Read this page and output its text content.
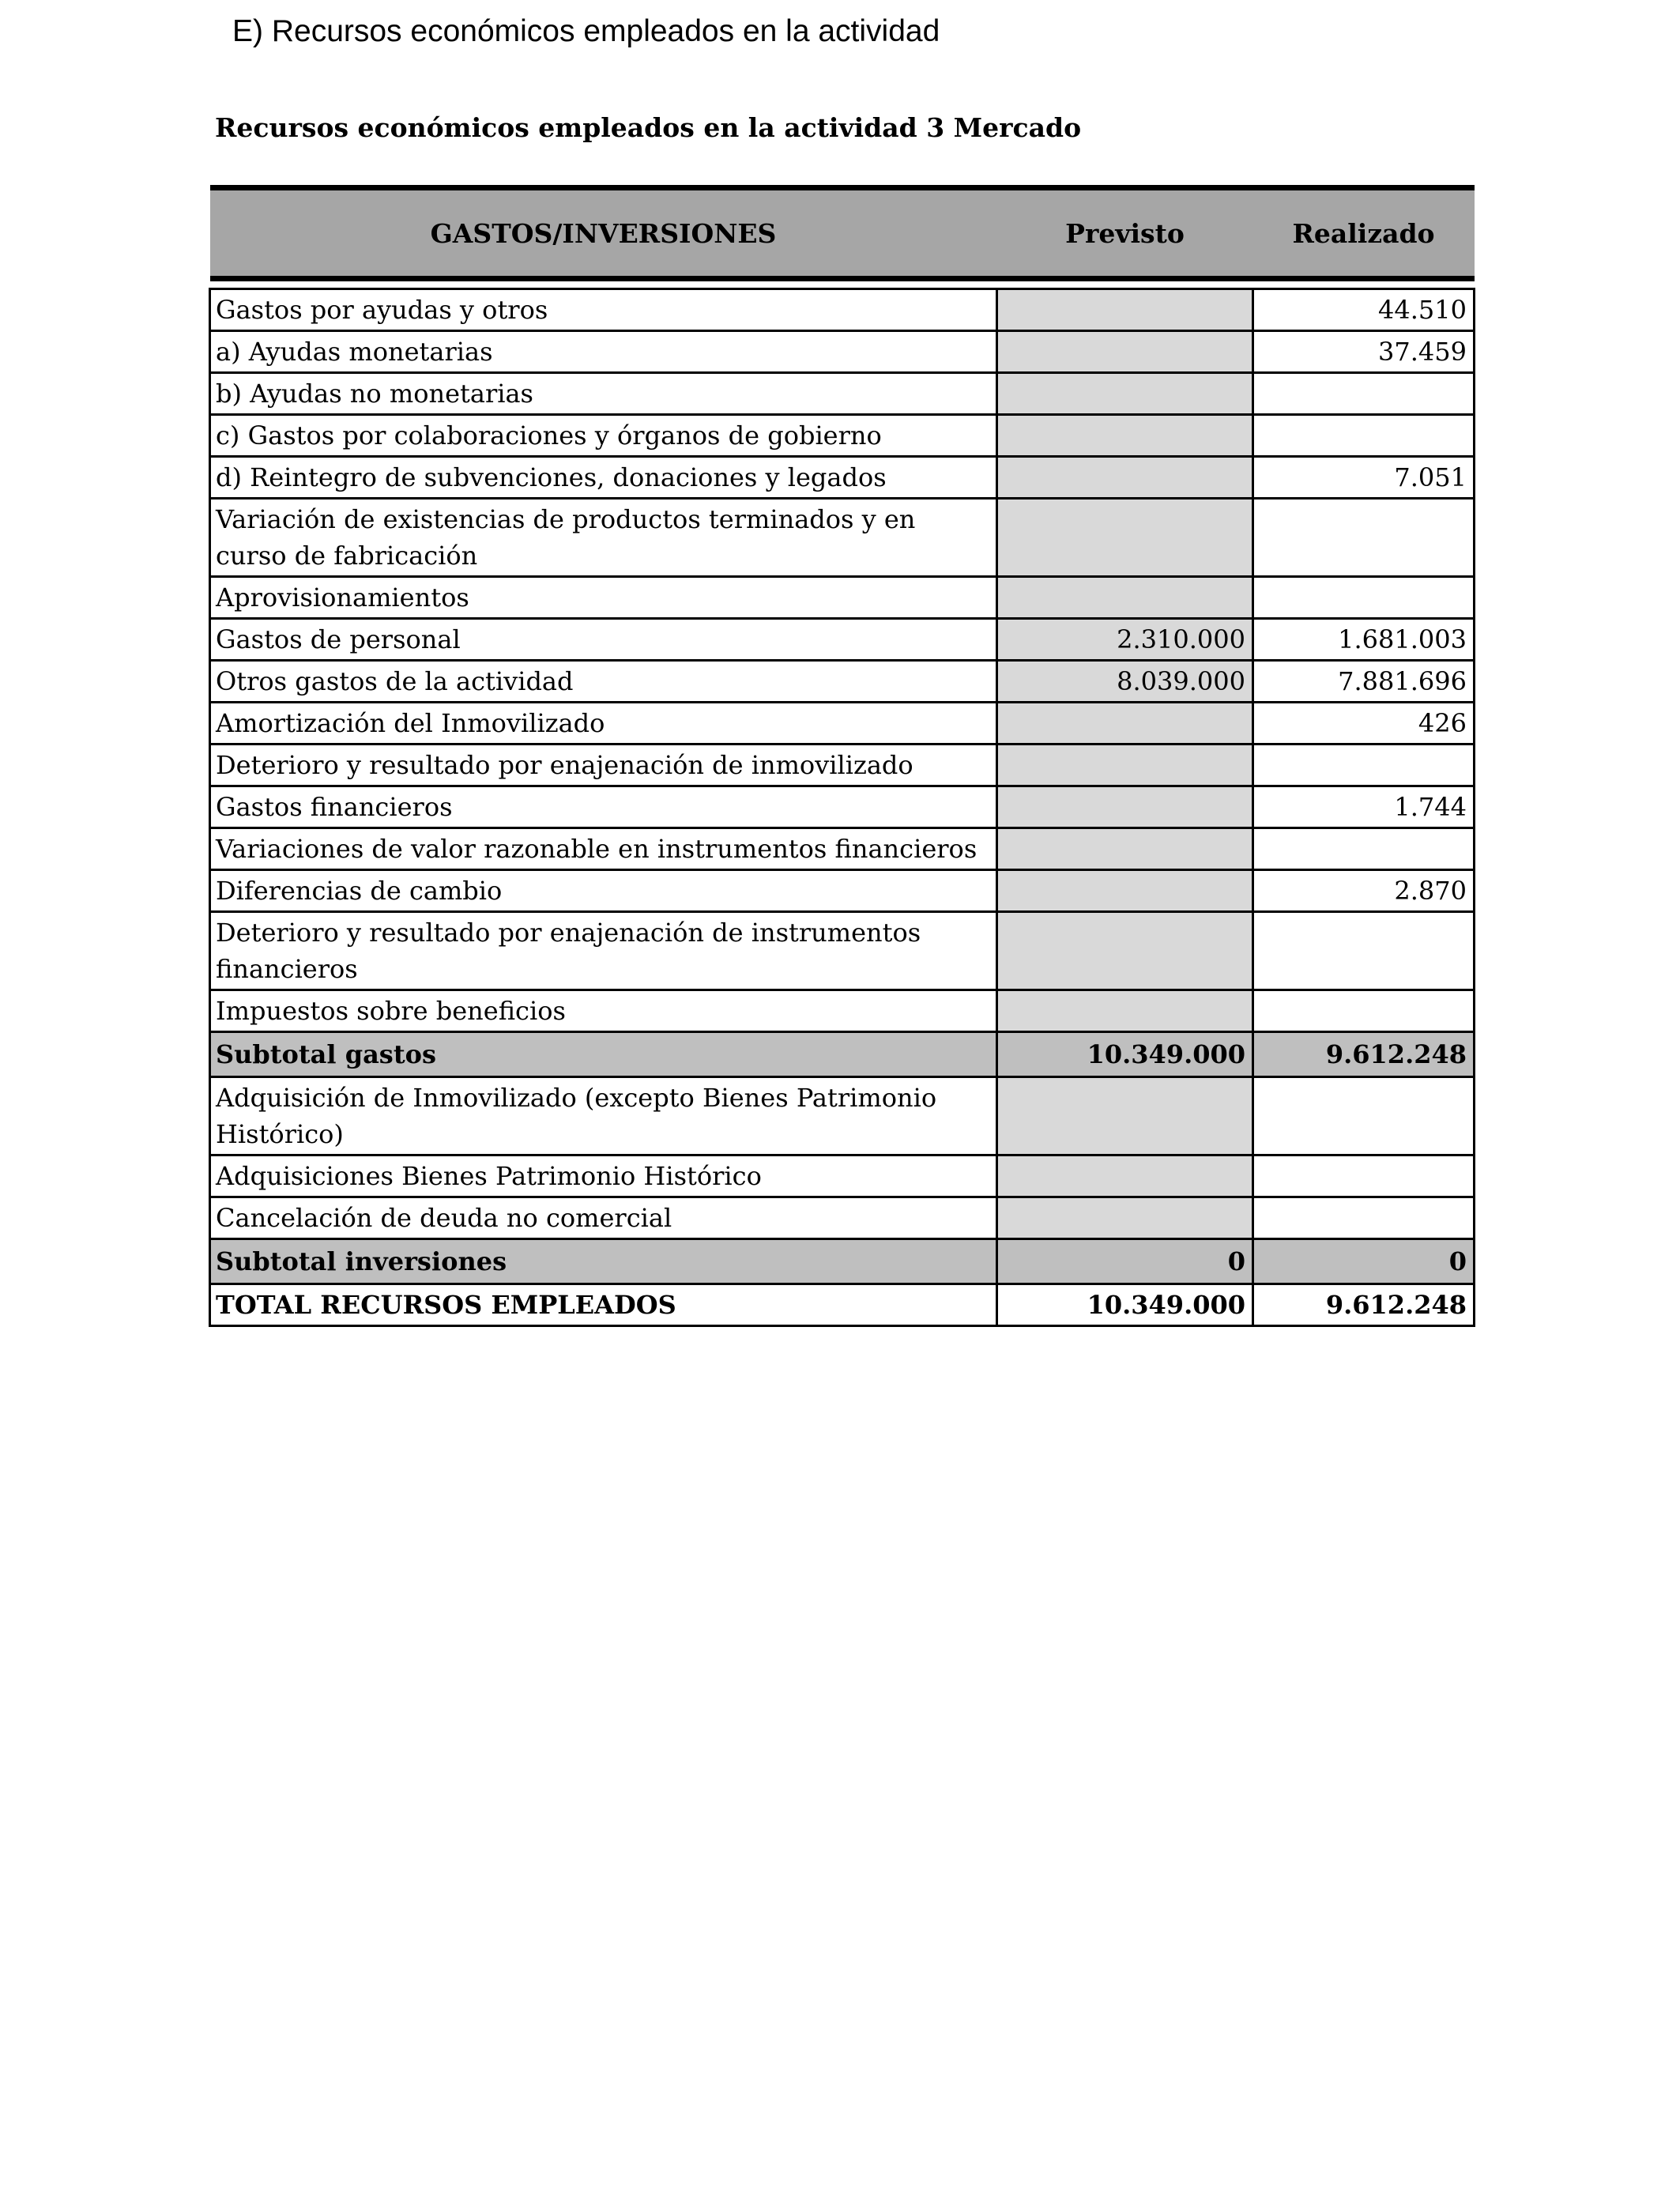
E) Recursos económicos empleados en la actividad
Recursos económicos empleados en la actividad 3 Mercado
GASTOS/INVERSIONES	Previsto	Realizado

Gastos por ayudas y otros		44.510
a) Ayudas monetarias		37.459
b) Ayudas no monetarias		
c) Gastos por colaboraciones y órganos de gobierno		
d) Reintegro de subvenciones, donaciones y legados		7.051
Variación de existencias de productos terminados y en curso de fabricación		
Aprovisionamientos		
Gastos de personal	2.310.000	1.681.003
Otros gastos de la actividad	8.039.000	7.881.696
Amortización del Inmovilizado		426
Deterioro y resultado por enajenación de inmovilizado		
Gastos financieros		1.744
Variaciones de valor razonable en instrumentos financieros		
Diferencias de cambio		2.870
Deterioro y resultado por enajenación de instrumentos financieros		
Impuestos sobre beneficios		
Subtotal gastos	10.349.000	9.612.248
Adquisición de Inmovilizado (excepto Bienes Patrimonio Histórico)		
Adquisiciones Bienes Patrimonio Histórico		
Cancelación de deuda no comercial		
Subtotal inversiones	0	0
TOTAL RECURSOS EMPLEADOS	10.349.000	9.612.248
